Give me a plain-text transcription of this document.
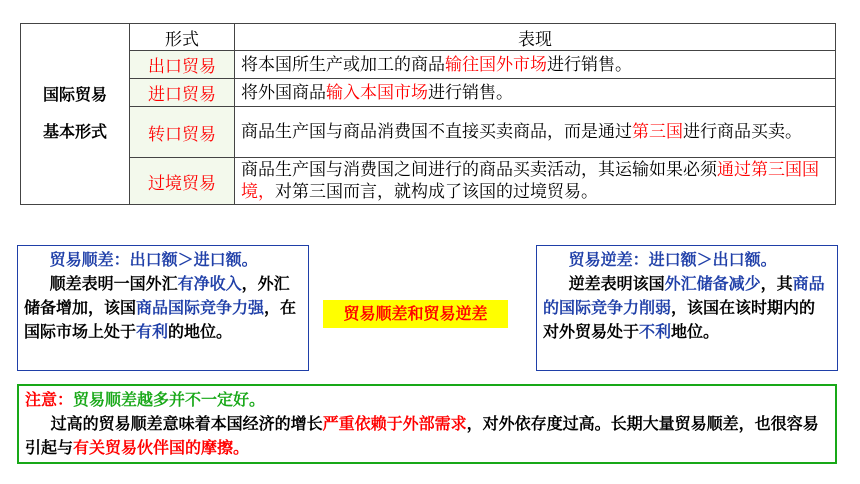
国际贸易
基本形式	形式	表现
	出口贸易	将本国所生产或加工的商品输往国外市场进行销售。
	进口贸易	将外国商品输入本国市场进行销售。
	转口贸易	商品生产国与商品消费国不直接买卖商品，而是通过第三国进行商品买卖。
	过境贸易	商品生产国与消费国之间进行的商品买卖活动，其运输如果必须通过第三国国境，对第三国而言，就构成了该国的过境贸易。

贸易顺差：出口额＞进口额。

顺差表明一国外汇有净收入，外汇储备增加，该国商品国际竞争力强，在国际市场上处于有利的地位。

贸易顺差和贸易逆差

贸易逆差：进口额＞出口额。

逆差表明该国外汇储备减少，其商品的国际竞争力削弱，该国在该时期内的对外贸易处于不利地位。

注意：贸易顺差越多并不一定好。

过高的贸易顺差意味着本国经济的增长严重依赖于外部需求，对外依存度过高。长期大量贸易顺差，也很容易引起与有关贸易伙伴国的摩擦。
